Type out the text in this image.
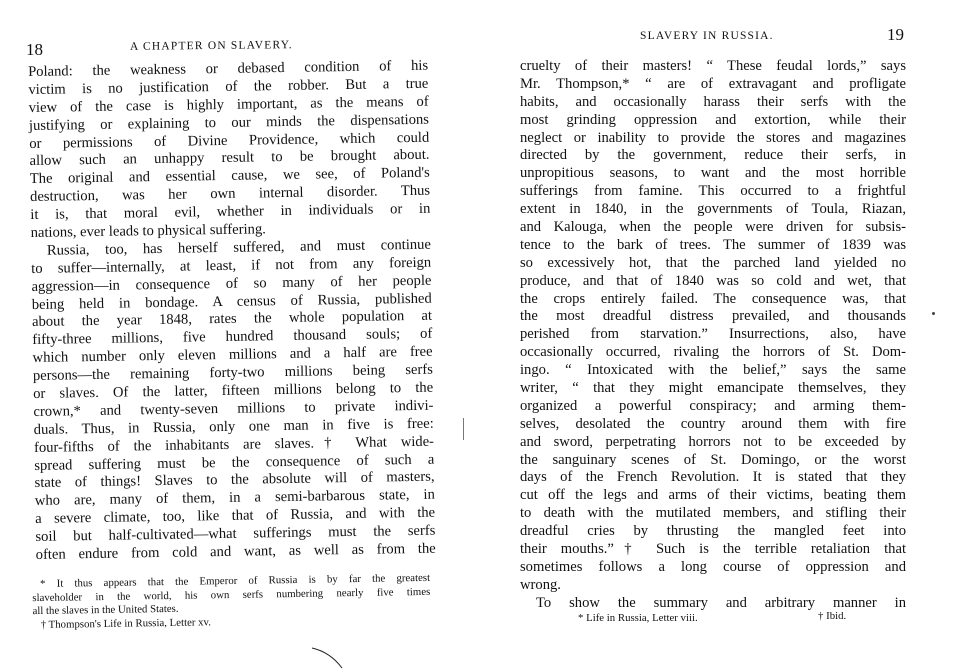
18	A CHAPTER ON SLAVERY.
Poland: the weakness or debased condition of his
victim is no justification of the robber. But a true
view of the case is highly important, as the means of
justifying or explaining to our minds the dispensations
or permissions of Divine Providence, which could
allow such an unhappy result to be brought about.
The original and essential cause, we see, of Poland's
destruction, was her own internal disorder. Thus
it is, that moral evil, whether in individuals or in
nations, ever leads to physical suffering.
Russia, too, has herself suffered, and must continue
to suffer—internally, at least, if not from any foreign
aggression—in consequence of so many of her people
being held in bondage. A census of Russia, published
about the year 1848, rates the whole population at
fifty-three millions, five hundred thousand souls; of
which number only eleven millions and a half are free
persons—the remaining forty-two millions being serfs
or slaves. Of the latter, fifteen millions belong to the
crown,* and twenty-seven millions to private indivi-
duals. Thus, in Russia, only one man in five is free:
four-fifths of the inhabitants are slaves.† What wide-
spread suffering must be the consequence of such a
state of things! Slaves to the absolute will of masters,
who are, many of them, in a semi-barbarous state, in
a severe climate, too, like that of Russia, and with the
soil but half-cultivated—what sufferings must the serfs
often endure from cold and want, as well as from the
* It thus appears that the Emperor of Russia is by far the greatest
slaveholder in the world, his own serfs numbering nearly five times
all the slaves in the United States.
† Thompson's Life in Russia, Letter xv.
SLAVERY IN RUSSIA.	19
cruelty of their masters! “ These feudal lords,” says
Mr. Thompson,* “ are of extravagant and profligate
habits, and occasionally harass their serfs with the
most grinding oppression and extortion, while their
neglect or inability to provide the stores and magazines
directed by the government, reduce their serfs, in
unpropitious seasons, to want and the most horrible
sufferings from famine. This occurred to a frightful
extent in 1840, in the governments of Toula, Riazan,
and Kalouga, when the people were driven for subsis-
tence to the bark of trees. The summer of 1839 was
so excessively hot, that the parched land yielded no
produce, and that of 1840 was so cold and wet, that
the crops entirely failed. The consequence was, that
the most dreadful distress prevailed, and thousands
perished from starvation.” Insurrections, also, have
occasionally occurred, rivaling the horrors of St. Dom-
ingo. “ Intoxicated with the belief,” says the same
writer, “ that they might emancipate themselves, they
organized a powerful conspiracy; and arming them-
selves, desolated the country around them with fire
and sword, perpetrating horrors not to be exceeded by
the sanguinary scenes of St. Domingo, or the worst
days of the French Revolution. It is stated that they
cut off the legs and arms of their victims, beating them
to death with the mutilated members, and stifling their
dreadful cries by thrusting the mangled feet into
their mouths.”† Such is the terrible retaliation that
sometimes follows a long course of oppression and
wrong.
To show the summary and arbitrary manner in
* Life in Russia, Letter viii.	† Ibid.
